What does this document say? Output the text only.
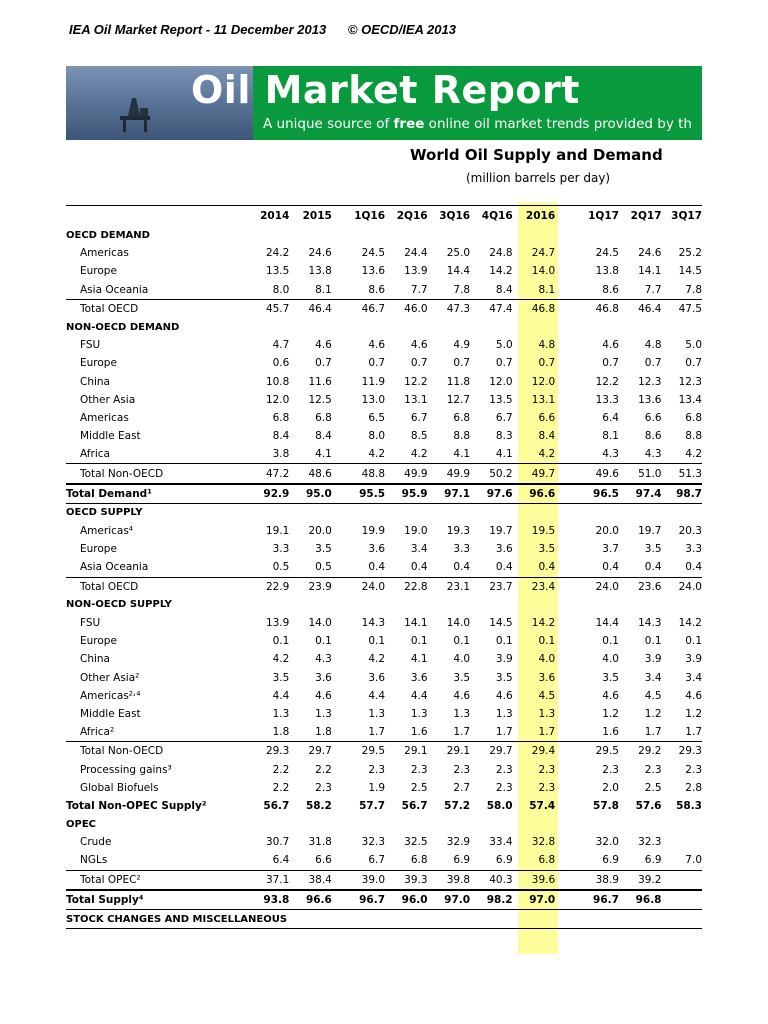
IEA Oil Market Report - 11 December 2013 © OECD/IEA 2013
Oil Market Report
A unique source of free online oil market trends provided by th
World Oil Supply and Demand
(million barrels per day)
	2014	2015	1Q16	2Q16	3Q16	4Q16	2016	1Q17	2Q17	3Q17
OECD DEMAND										
Americas	24.2	24.6	24.5	24.4	25.0	24.8	24.7	24.5	24.6	25.2
Europe	13.5	13.8	13.6	13.9	14.4	14.2	14.0	13.8	14.1	14.5
Asia Oceania	8.0	8.1	8.6	7.7	7.8	8.4	8.1	8.6	7.7	7.8
Total OECD	45.7	46.4	46.7	46.0	47.3	47.4	46.8	46.8	46.4	47.5
NON-OECD DEMAND										
FSU	4.7	4.6	4.6	4.6	4.9	5.0	4.8	4.6	4.8	5.0
Europe	0.6	0.7	0.7	0.7	0.7	0.7	0.7	0.7	0.7	0.7
China	10.8	11.6	11.9	12.2	11.8	12.0	12.0	12.2	12.3	12.3
Other Asia	12.0	12.5	13.0	13.1	12.7	13.5	13.1	13.3	13.6	13.4
Americas	6.8	6.8	6.5	6.7	6.8	6.7	6.6	6.4	6.6	6.8
Middle East	8.4	8.4	8.0	8.5	8.8	8.3	8.4	8.1	8.6	8.8
Africa	3.8	4.1	4.2	4.2	4.1	4.1	4.2	4.3	4.3	4.2
Total Non-OECD	47.2	48.6	48.8	49.9	49.9	50.2	49.7	49.6	51.0	51.3
Total Demand¹	92.9	95.0	95.5	95.9	97.1	97.6	96.6	96.5	97.4	98.7
OECD SUPPLY										
Americas⁴	19.1	20.0	19.9	19.0	19.3	19.7	19.5	20.0	19.7	20.3
Europe	3.3	3.5	3.6	3.4	3.3	3.6	3.5	3.7	3.5	3.3
Asia Oceania	0.5	0.5	0.4	0.4	0.4	0.4	0.4	0.4	0.4	0.4
Total OECD	22.9	23.9	24.0	22.8	23.1	23.7	23.4	24.0	23.6	24.0
NON-OECD SUPPLY										
FSU	13.9	14.0	14.3	14.1	14.0	14.5	14.2	14.4	14.3	14.2
Europe	0.1	0.1	0.1	0.1	0.1	0.1	0.1	0.1	0.1	0.1
China	4.2	4.3	4.2	4.1	4.0	3.9	4.0	4.0	3.9	3.9
Other Asia²	3.5	3.6	3.6	3.6	3.5	3.5	3.6	3.5	3.4	3.4
Americas²˒⁴	4.4	4.6	4.4	4.4	4.6	4.6	4.5	4.6	4.5	4.6
Middle East	1.3	1.3	1.3	1.3	1.3	1.3	1.3	1.2	1.2	1.2
Africa²	1.8	1.8	1.7	1.6	1.7	1.7	1.7	1.6	1.7	1.7
Total Non-OECD	29.3	29.7	29.5	29.1	29.1	29.7	29.4	29.5	29.2	29.3
Processing gains³	2.2	2.2	2.3	2.3	2.3	2.3	2.3	2.3	2.3	2.3
Global Biofuels	2.2	2.3	1.9	2.5	2.7	2.3	2.3	2.0	2.5	2.8
Total Non-OPEC Supply²	56.7	58.2	57.7	56.7	57.2	58.0	57.4	57.8	57.6	58.3
OPEC										
Crude	30.7	31.8	32.3	32.5	32.9	33.4	32.8	32.0	32.3	
NGLs	6.4	6.6	6.7	6.8	6.9	6.9	6.8	6.9	6.9	7.0
Total OPEC²	37.1	38.4	39.0	39.3	39.8	40.3	39.6	38.9	39.2	
Total Supply⁴	93.8	96.6	96.7	96.0	97.0	98.2	97.0	96.7	96.8	
STOCK CHANGES AND MISCELLANEOUS										
